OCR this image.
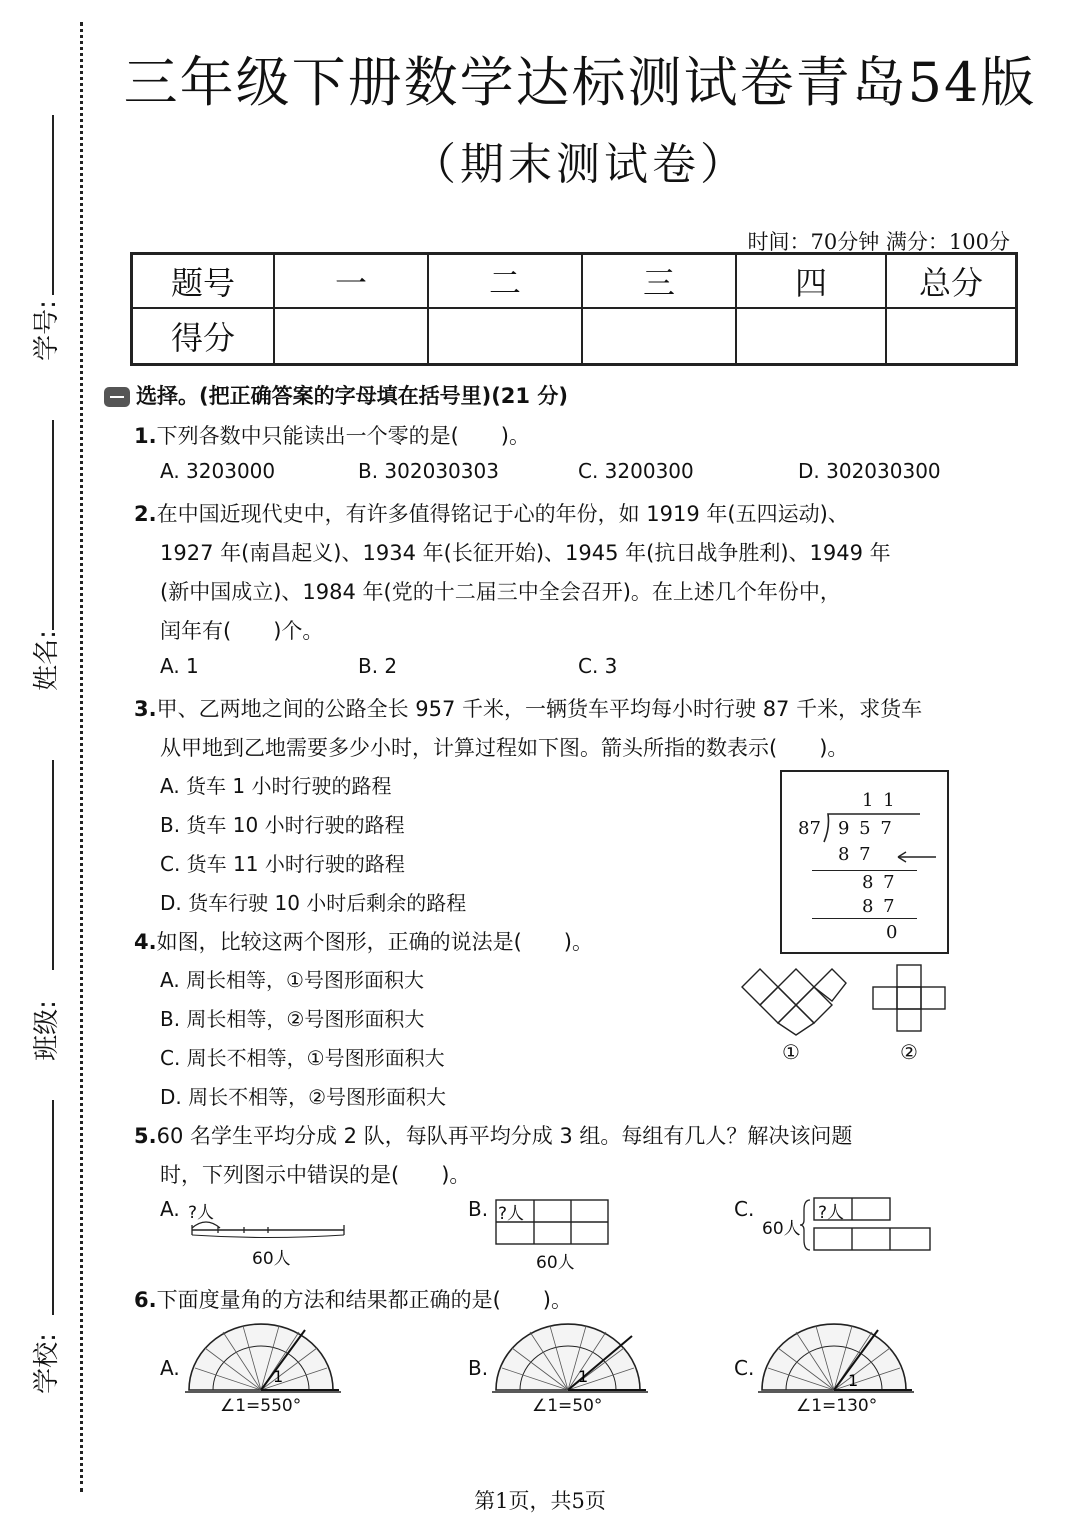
学号:
姓名:
班级:
学校:
三年级下册数学达标测试卷青岛54版
（期末测试卷）
时间：70分钟 满分：100分
题号	一	二	三	四	总分
得分					
选择。(把正确答案的字母填在括号里)(21 分)
1.下列各数中只能读出一个零的是(　　)。
A. 3203000	B. 302030303	C. 3200300	D. 302030300
2.在中国近现代史中，有许多值得铭记于心的年份，如 1919 年(五四运动)、
1927 年(南昌起义)、1934 年(长征开始)、1945 年(抗日战争胜利)、1949 年
(新中国成立)、1984 年(党的十二届三中全会召开)。在上述几个年份中，
闰年有(　　)个。
A. 1	B. 2	C. 3
3.甲、乙两地之间的公路全长 957 千米，一辆货车平均每小时行驶 87 千米，求货车
从甲地到乙地需要多少小时，计算过程如下图。箭头所指的数表示(　　)。
A. 货车 1 小时行驶的路程
B. 货车 10 小时行驶的路程
C. 货车 11 小时行驶的路程
D. 货车行驶 10 小时后剩余的路程
1 1
87 9 5 7
8 7
8 7
8 7
0
4.如图，比较这两个图形，正确的说法是(　　)。
A. 周长相等，①号图形面积大
B. 周长相等，②号图形面积大
C. 周长不相等，①号图形面积大
D. 周长不相等，②号图形面积大
①	②
5.60 名学生平均分成 2 队，每队再平均分成 3 组。每组有几人？解决该问题
时，下列图示中错误的是(　　)。
A. ?人
60人
B. ?人
60人
C.
60人
?人
6.下面度量角的方法和结果都正确的是(　　)。
A.	1
∠1=550°
B.	1
∠1=50°
C.
1
∠1=130°
第1页，共5页
